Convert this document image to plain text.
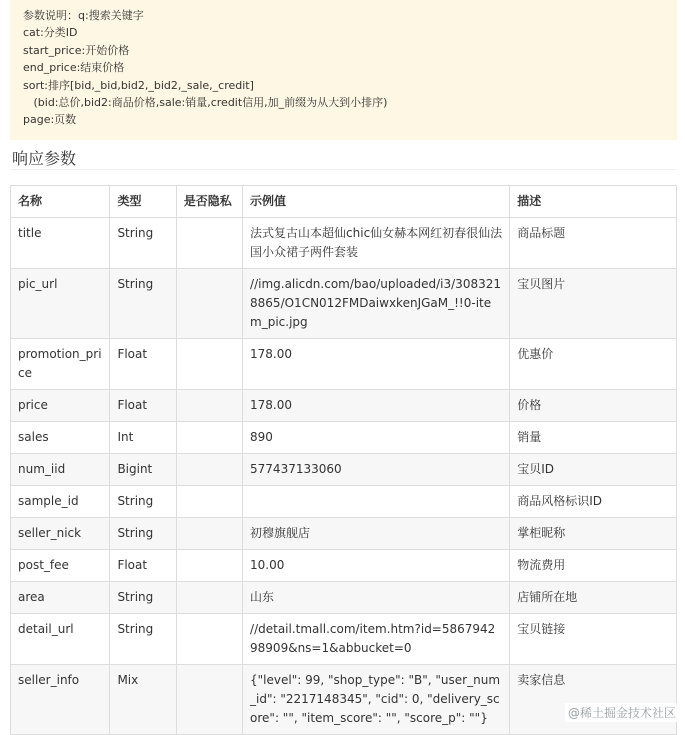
参数说明：q:搜索关键字
cat:分类ID
start_price:开始价格
end_price:结束价格
sort:排序[bid,_bid,bid2,_bid2,_sale,_credit]
(bid:总价,bid2:商品价格,sale:销量,credit信用,加_前缀为从大到小排序)
page:页数
响应参数
名称	类型	是否隐私	示例值	描述
title	String		法式复古山本超仙chic仙女赫本网红初春很仙法国小众裙子两件套装	商品标题
pic_url	String		//img.alicdn.com/bao/uploaded/i3/3083218865/O1CN012FMDaiwxkenJGaM_!!0-item_pic.jpg	宝贝图片
promotion_price	Float		178.00	优惠价
price	Float		178.00	价格
sales	Int		890	销量
num_iid	Bigint		577437133060	宝贝ID
sample_id	String			商品风格标识ID
seller_nick	String		初穆旗舰店	掌柜昵称
post_fee	Float		10.00	物流费用
area	String		山东	店铺所在地
detail_url	String		//detail.tmall.com/item.htm?id=586794298909&ns=1&abbucket=0	宝贝链接
seller_info	Mix		{"level": 99, "shop_type": "B", "user_num_id": "2217148345", "cid": 0, "delivery_score": "", "item_score": "", "score_p": ""}	卖家信息
@稀土掘金技术社区
